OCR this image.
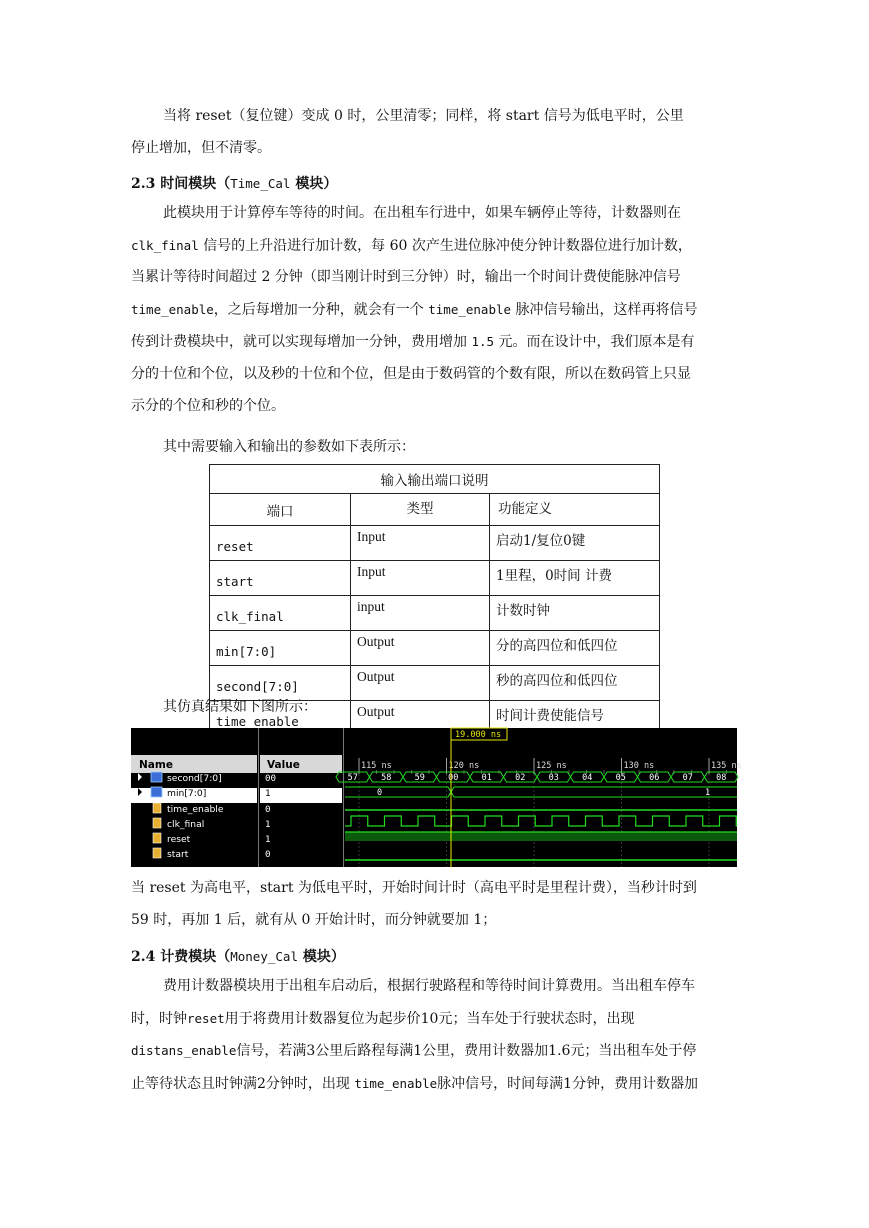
当将 reset（复位键）变成 0 时，公里清零；同样，将 start 信号为低电平时，公里
停止增加，但不清零。

2.3 时间模块（Time_Cal 模块）

此模块用于计算停车等待的时间。在出租车行进中，如果车辆停止等待，计数器则在
clk_final 信号的上升沿进行加计数，每 60 次产生进位脉冲使分钟计数器位进行加计数，
当累计等待时间超过 2 分钟（即当刚计时到三分钟）时，输出一个时间计费使能脉冲信号
time_enable，之后每增加一分种，就会有一个 time_enable 脉冲信号输出，这样再将信号
传到计费模块中，就可以实现每增加一分钟，费用增加 1.5 元。而在设计中，我们原本是有
分的十位和个位，以及秒的十位和个位，但是由于数码管的个数有限，所以在数码管上只显
示分的个位和秒的个位。

其中需要输入和输出的参数如下表所示：

输入输出端口说明		
端口	类型	功能定义
reset	Input	启动1/复位0键
start	Input	1里程，0时间 计费
clk_final	input	计数时钟
min[7:0]	Output	分的高四位和低四位
second[7:0]	Output	秒的高四位和低四位
time_enable	Output	时间计费使能信号

其仿真结果如下图所示：

Name	Value
second[7:0]
min[7:0]
time_enable
clk_final
reset
start
00
1
0
1
1
0
115 ns	120 ns	125 ns	130 ns	135 ns
57	58	59	00	01	02	03	04	05	06	07	08
0	1
19.000 ns

当 reset 为高电平，start 为低电平时，开始时间计时（高电平时是里程计费），当秒计时到
59 时，再加 1 后，就有从 0 开始计时，而分钟就要加 1；

2.4 计费模块（Money_Cal 模块）

费用计数器模块用于出租车启动后，根据行驶路程和等待时间计算费用。当出租车停车
时，时钟reset用于将费用计数器复位为起步价10元；当车处于行驶状态时，出现
distans_enable信号，若满3公里后路程每满1公里，费用计数器加1.6元；当出租车处于停
止等待状态且时钟满2分钟时，出现 time_enable脉冲信号，时间每满1分钟，费用计数器加
